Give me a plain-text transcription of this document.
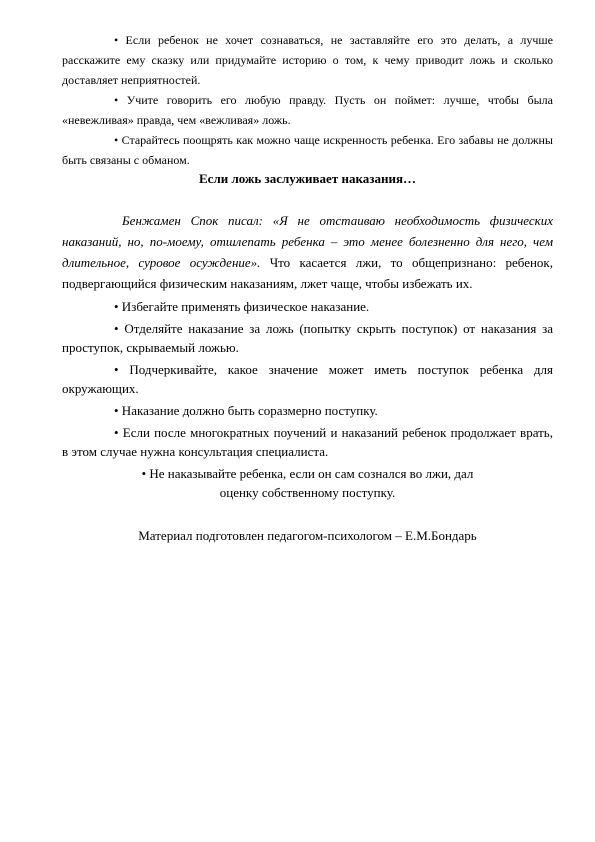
• Если ребенок не хочет сознаваться, не заставляйте его это делать, а лучше расскажите ему сказку или придумайте историю о том, к чему приводит ложь и сколько доставляет неприятностей.

• Учите говорить его любую правду. Пусть он поймет: лучше, чтобы была «невежливая» правда, чем «вежливая» ложь.

• Старайтесь поощрять как можно чаще искренность ребенка. Его забавы не должны быть связаны с обманом.

Если ложь заслуживает наказания…

Бенжамен Спок писал: «Я не отстаиваю необходимость физических наказаний, но, по-моему, отшлепать ребенка – это менее болезненно для него, чем длительное, суровое осуждение». Что касается лжи, то общепризнано: ребенок, подвергающийся физическим наказаниям, лжет чаще, чтобы избежать их.

• Избегайте применять физическое наказание.

• Отделяйте наказание за ложь (попытку скрыть поступок) от наказания за проступок, скрываемый ложью.

• Подчеркивайте, какое значение может иметь поступок ребенка для окружающих.

• Наказание должно быть соразмерно поступку.

• Если после многократных поучений и наказаний ребенок продолжает врать, в этом случае нужна консультация специалиста.

• Не наказывайте ребенка, если он сам сознался во лжи, дал оценку собственному поступку.

Материал подготовлен педагогом-психологом – Е.М.Бондарь
